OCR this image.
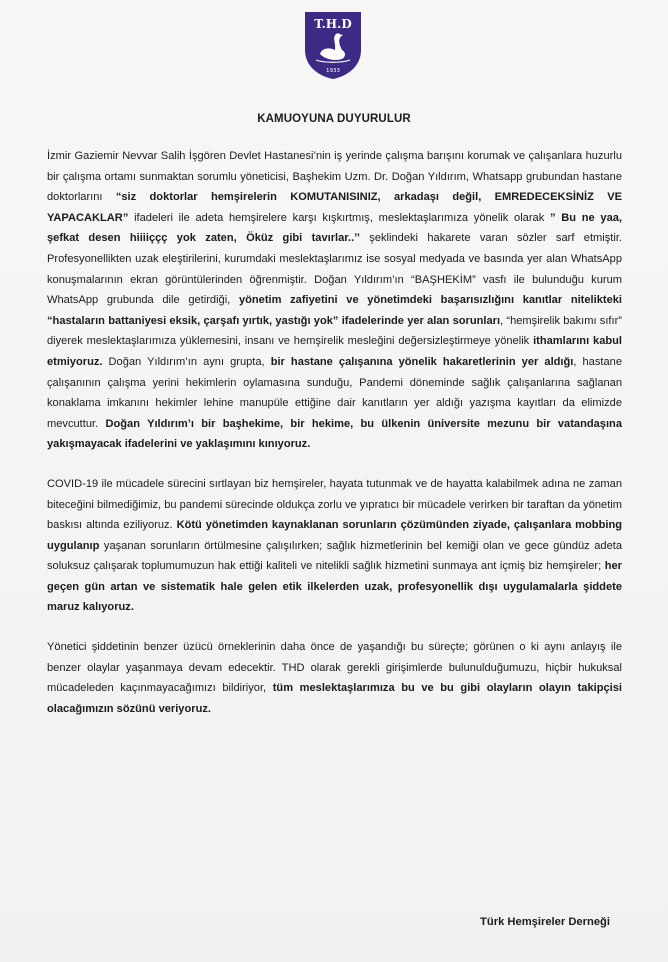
T.H.D
1933
KAMUOYUNA DUYURULUR

İzmir Gaziemir Nevvar Salih İşgören Devlet Hastanesi’nin iş yerinde çalışma barışını korumak ve çalışanlara huzurlu bir çalışma ortamı sunmaktan sorumlu yöneticisi, Başhekim Uzm. Dr. Doğan Yıldırım, Whatsapp grubundan hastane doktorlarını “siz doktorlar hemşirelerin KOMUTANISINIZ, arkadaşı değil, EMREDECEKSİNİZ VE YAPACAKLAR” ifadeleri ile adeta hemşirelere karşı kışkırtmış, meslektaşlarımıza yönelik olarak ” Bu ne yaa, şefkat desen hiiiiççç yok zaten, Öküz gibi tavırlar..’’ şeklindeki hakarete varan sözler sarf etmiştir. Profesyonellikten uzak eleştirilerini, kurumdaki meslektaşlarımız ise sosyal medyada ve basında yer alan WhatsApp konuşmalarının ekran görüntülerinden öğrenmiştir. Doğan Yıldırım’ın “BAŞHEKİM” vasfı ile bulunduğu kurum WhatsApp grubunda dile getirdiği, yönetim zafiyetini ve yönetimdeki başarısızlığını kanıtlar nitelikteki “hastaların battaniyesi eksik, çarşafı yırtık, yastığı yok” ifadelerinde yer alan sorunları, “hemşirelik bakımı sıfır” diyerek meslektaşlarımıza yüklemesini, insanı ve hemşirelik mesleğini değersizleştirmeye yönelik ithamlarını kabul etmiyoruz. Doğan Yıldırım’ın aynı grupta, bir hastane çalışanına yönelik hakaretlerinin yer aldığı, hastane çalışanının çalışma yerini hekimlerin oylamasına sunduğu, Pandemi döneminde sağlık çalışanlarına sağlanan konaklama imkanını hekimler lehine manupüle ettiğine dair kanıtların yer aldığı yazışma kayıtları da elimizde mevcuttur. Doğan Yıldırım’ı bir başhekime, bir hekime, bu ülkenin üniversite mezunu bir vatandaşına yakışmayacak ifadelerini ve yaklaşımını kınıyoruz.

COVID-19 ile mücadele sürecini sırtlayan biz hemşireler, hayata tutunmak ve de hayatta kalabilmek adına ne zaman biteceğini bilmediğimiz, bu pandemi sürecinde oldukça zorlu ve yıpratıcı bir mücadele verirken bir taraftan da yönetim baskısı altında eziliyoruz. Kötü yönetimden kaynaklanan sorunların çözümünden ziyade, çalışanlara mobbing uygulanıp yaşanan sorunların örtülmesine çalışılırken; sağlık hizmetlerinin bel kemiği olan ve gece gündüz adeta soluksuz çalışarak toplumumuzun hak ettiği kaliteli ve nitelikli sağlık hizmetini sunmaya ant içmiş biz hemşireler; her geçen gün artan ve sistematik hale gelen etik ilkelerden uzak, profesyonellik dışı uygulamalarla şiddete maruz kalıyoruz.

Yönetici şiddetinin benzer üzücü örneklerinin daha önce de yaşandığı bu süreçte; görünen o ki aynı anlayış ile benzer olaylar yaşanmaya devam edecektir. THD olarak gerekli girişimlerde bulunulduğumuzu, hiçbir hukuksal mücadeleden kaçınmayacağımızı bildiriyor, tüm meslektaşlarımıza bu ve bu gibi olayların olayın takipçisi olacağımızın sözünü veriyoruz.

Türk Hemşireler Derneği
